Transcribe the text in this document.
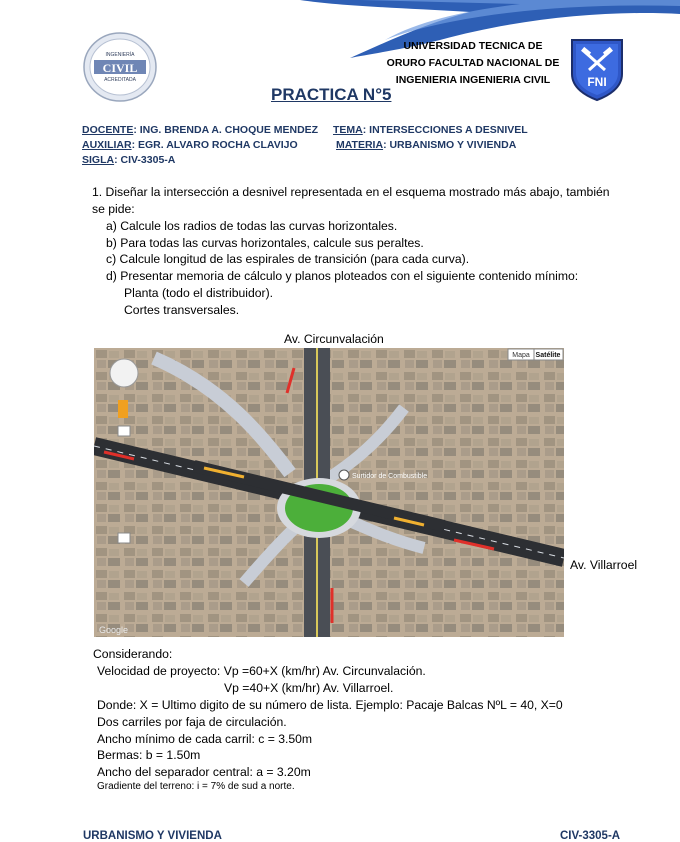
INGENIERÍA
CIVIL
ACREDITADA
UNIVERSIDAD TECNICA DE
ORURO FACULTAD NACIONAL DE
INGENIERIA INGENIERIA CIVIL	FNI
PRACTICA N°5
DOCENTE: ING. BRENDA A. CHOQUE MENDEZ TEMA: INTERSECCIONES A DESNIVEL
AUXILIAR: EGR. ALVARO ROCHA CLAVIJO	MATERIA: URBANISMO Y VIVIENDA
SIGLA: CIV-3305-A
1. Diseñar la intersección a desnivel representada en el esquema mostrado más abajo, también
se pide:
a) Calcule los radios de todas las curvas horizontales.
b) Para todas las curvas horizontales, calcule sus peraltes.
c) Calcule longitud de las espirales de transición (para cada curva).
d) Presentar memoria de cálculo y planos ploteados con el siguiente contenido mínimo:
Planta (todo el distribuidor).
Cortes transversales.
Av. Circunvalación
Mapa Satélite
Surtidor de Combustible
Google
Av. Villarroel
Considerando:
Velocidad de proyecto: Vp =60+X (km/hr) Av. Circunvalación.
Vp =40+X (km/hr) Av. Villarroel.
Donde: X = Ultimo digito de su número de lista. Ejemplo: Pacaje Balcas NºL = 40, X=0
Dos carriles por faja de circulación.
Ancho mínimo de cada carril: c = 3.50m
Bermas: b = 1.50m
Ancho del separador central: a = 3.20m
Gradiente del terreno: i = 7% de sud a norte.
URBANISMO Y VIVIENDA	CIV-3305-A
